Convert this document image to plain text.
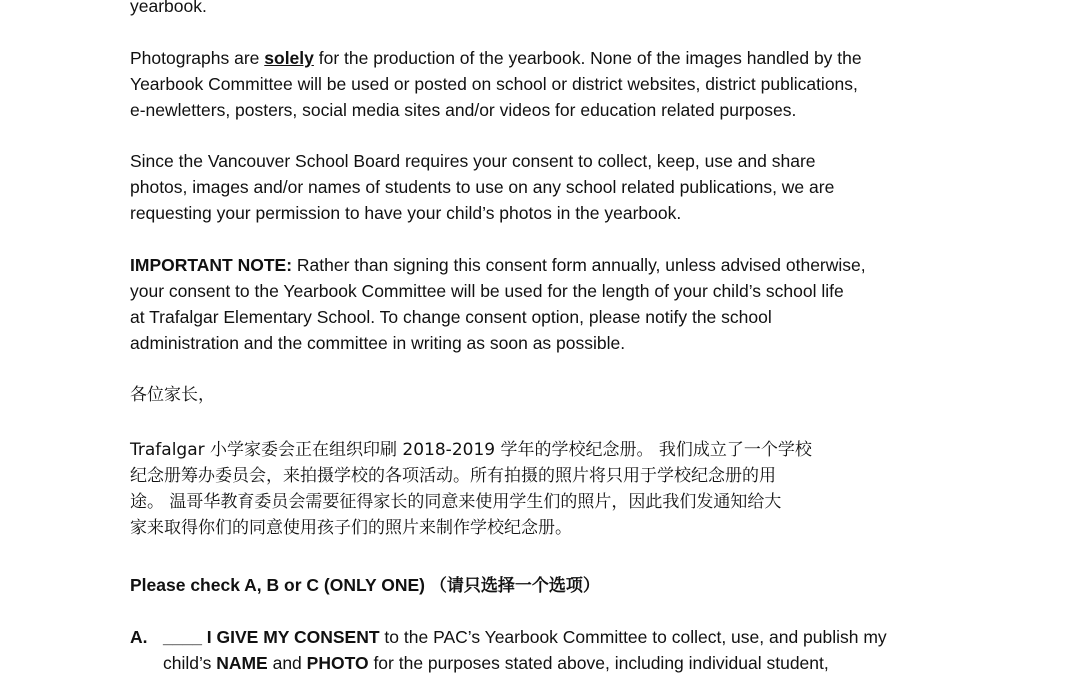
yearbook.

Photographs are solely for the production of the yearbook. None of the images handled by the

Yearbook Committee will be used or posted on school or district websites, district publications,

e-newletters, posters, social media sites and/or videos for education related purposes.

Since the Vancouver School Board requires your consent to collect, keep, use and share

photos, images and/or names of students to use on any school related publications, we are

requesting your permission to have your child’s photos in the yearbook.

IMPORTANT NOTE: Rather than signing this consent form annually, unless advised otherwise,

your consent to the Yearbook Committee will be used for the length of your child’s school life

at Trafalgar Elementary School. To change consent option, please notify the school

administration and the committee in writing as soon as possible.

各位家长，

Trafalgar 小学家委会正在组织印刷 2018-2019 学年的学校纪念册。 我们成立了一个学校

纪念册筹办委员会，来拍摄学校的各项活动。所有拍摄的照片将只用于学校纪念册的用

途。 温哥华教育委员会需要征得家长的同意来使用学生们的照片，因此我们发通知给大

家来取得你们的同意使用孩子们的照片来制作学校纪念册。

Please check A, B or C (ONLY ONE) （请只选择一个选项）

A. ____ I GIVE MY CONSENT to the PAC’s Yearbook Committee to collect, use, and publish my

child’s NAME and PHOTO for the purposes stated above, including individual student,
